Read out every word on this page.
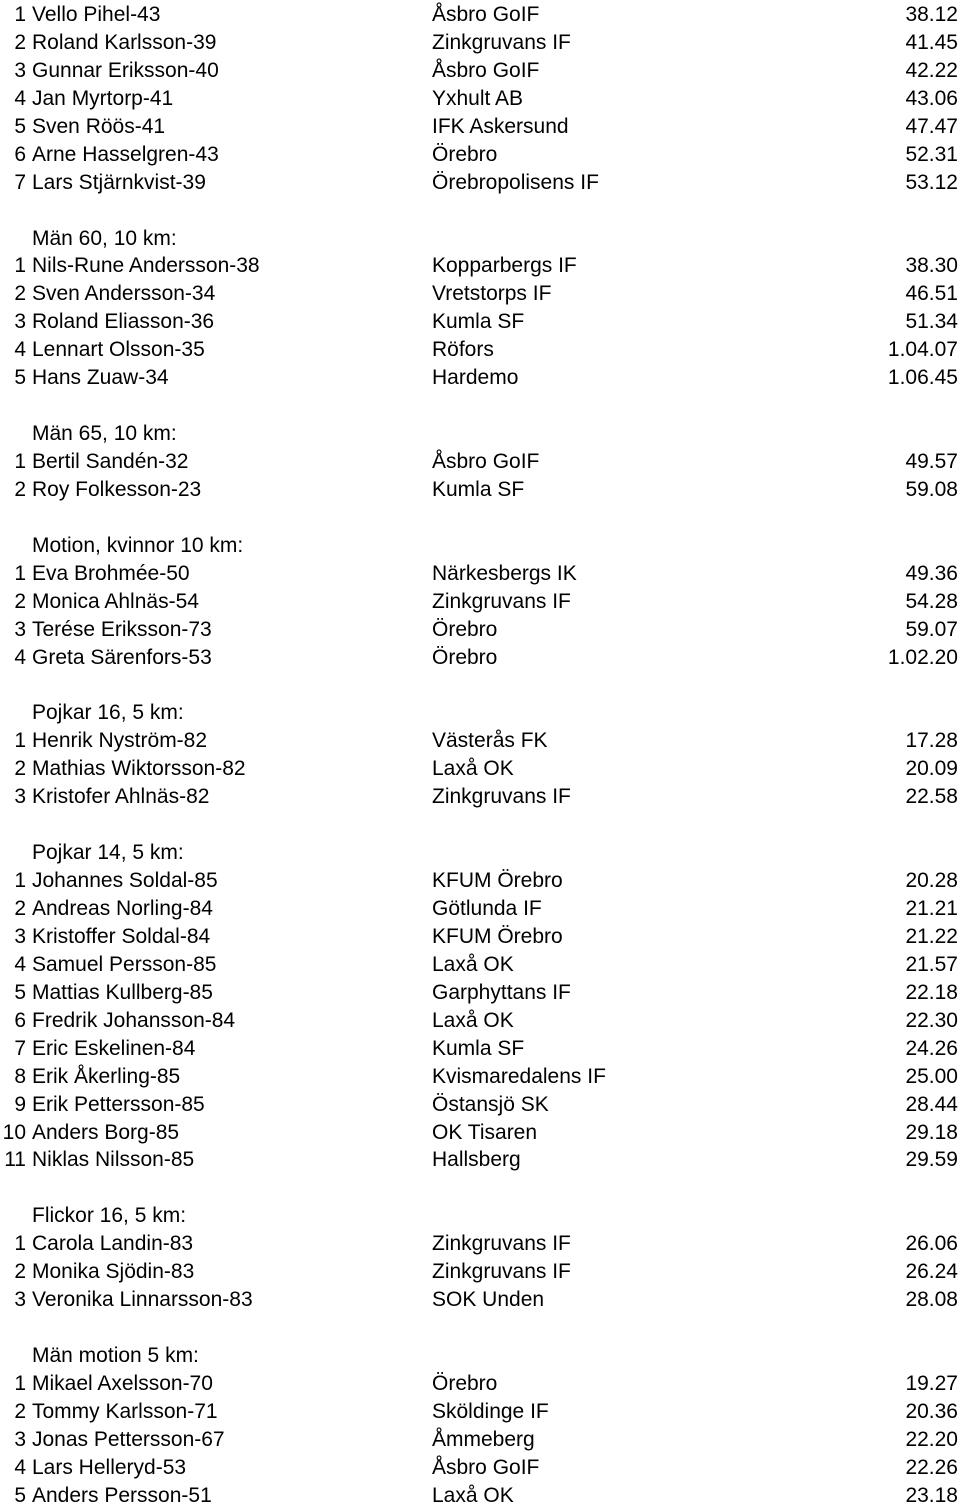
1 Vello Pihel-43	Åsbro GoIF	38.12
2 Roland Karlsson-39	Zinkgruvans IF	41.45
3 Gunnar Eriksson-40	Åsbro GoIF	42.22
4 Jan Myrtorp-41	Yxhult AB	43.06
5 Sven Röös-41	IFK Askersund	47.47
6 Arne Hasselgren-43	Örebro	52.31
7 Lars Stjärnkvist-39	Örebropolisens IF	53.12
Män 60, 10 km:
1 Nils-Rune Andersson-38	Kopparbergs IF	38.30
2 Sven Andersson-34	Vretstorps IF	46.51
3 Roland Eliasson-36	Kumla SF	51.34
4 Lennart Olsson-35	Röfors	1.04.07
5 Hans Zuaw-34	Hardemo	1.06.45
Män 65, 10 km:
1 Bertil Sandén-32	Åsbro GoIF	49.57
2 Roy Folkesson-23	Kumla SF	59.08
Motion, kvinnor 10 km:
1 Eva Brohmée-50	Närkesbergs IK	49.36
2 Monica Ahlnäs-54	Zinkgruvans IF	54.28
3 Terése Eriksson-73	Örebro	59.07
4 Greta Särenfors-53	Örebro	1.02.20
Pojkar 16, 5 km:
1 Henrik Nyström-82	Västerås FK	17.28
2 Mathias Wiktorsson-82	Laxå OK	20.09
3 Kristofer Ahlnäs-82	Zinkgruvans IF	22.58
Pojkar 14, 5 km:
1 Johannes Soldal-85	KFUM Örebro	20.28
2 Andreas Norling-84	Götlunda IF	21.21
3 Kristoffer Soldal-84	KFUM Örebro	21.22
4 Samuel Persson-85	Laxå OK	21.57
5 Mattias Kullberg-85	Garphyttans IF	22.18
6 Fredrik Johansson-84	Laxå OK	22.30
7 Eric Eskelinen-84	Kumla SF	24.26
8 Erik Åkerling-85	Kvismaredalens IF	25.00
9 Erik Pettersson-85	Östansjö SK	28.44
10 Anders Borg-85	OK Tisaren	29.18
11 Niklas Nilsson-85	Hallsberg	29.59
Flickor 16, 5 km:
1 Carola Landin-83	Zinkgruvans IF	26.06
2 Monika Sjödin-83	Zinkgruvans IF	26.24
3 Veronika Linnarsson-83	SOK Unden	28.08
Män motion 5 km:
1 Mikael Axelsson-70	Örebro	19.27
2 Tommy Karlsson-71	Sköldinge IF	20.36
3 Jonas Pettersson-67	Åmmeberg	22.20
4 Lars Helleryd-53	Åsbro GoIF	22.26
5 Anders Persson-51	Laxå OK	23.18
